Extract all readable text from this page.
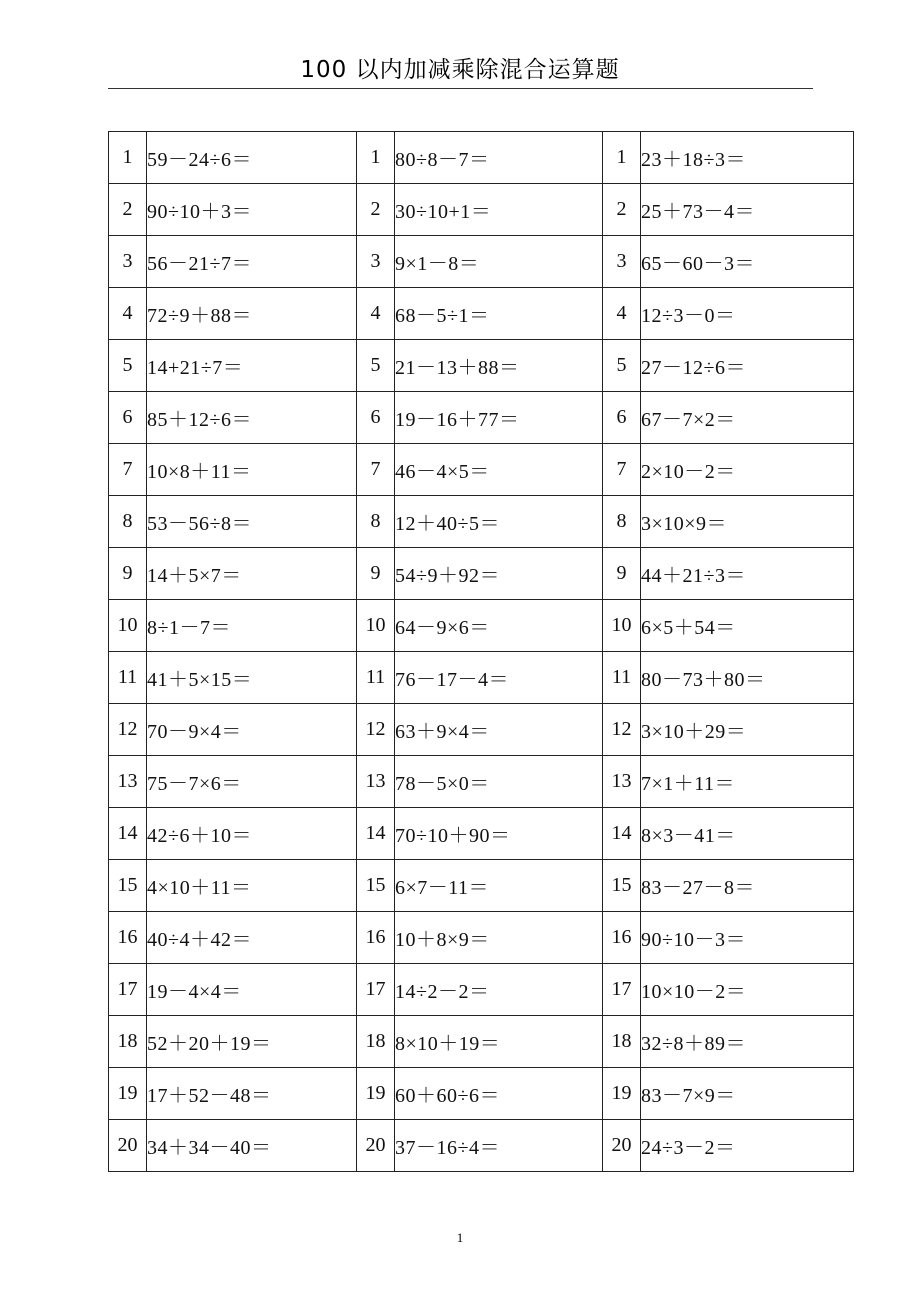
100 以内加减乘除混合运算题
1	59－24÷6＝	1	80÷8－7＝	1	23＋18÷3＝
2	90÷10＋3＝	2	30÷10+1＝	2	25＋73－4＝
3	56－21÷7＝	3	9×1－8＝	3	65－60－3＝
4	72÷9＋88＝	4	68－5÷1＝	4	12÷3－0＝
5	14+21÷7＝	5	21－13＋88＝	5	27－12÷6＝
6	85＋12÷6＝	6	19－16＋77＝	6	67－7×2＝
7	10×8＋11＝	7	46－4×5＝	7	2×10－2＝
8	53－56÷8＝	8	12＋40÷5＝	8	3×10×9＝
9	14＋5×7＝	9	54÷9＋92＝	9	44＋21÷3＝
10	8÷1－7＝	10	64－9×6＝	10	6×5＋54＝
11	41＋5×15＝	11	76－17－4＝	11	80－73＋80＝
12	70－9×4＝	12	63＋9×4＝	12	3×10＋29＝
13	75－7×6＝	13	78－5×0＝	13	7×1＋11＝
14	42÷6＋10＝	14	70÷10＋90＝	14	8×3－41＝
15	4×10＋11＝	15	6×7－11＝	15	83－27－8＝
16	40÷4＋42＝	16	10＋8×9＝	16	90÷10－3＝
17	19－4×4＝	17	14÷2－2＝	17	10×10－2＝
18	52＋20＋19＝	18	8×10＋19＝	18	32÷8＋89＝
19	17＋52－48＝	19	60＋60÷6＝	19	83－7×9＝
20	34＋34－40＝	20	37－16÷4＝	20	24÷3－2＝
1
